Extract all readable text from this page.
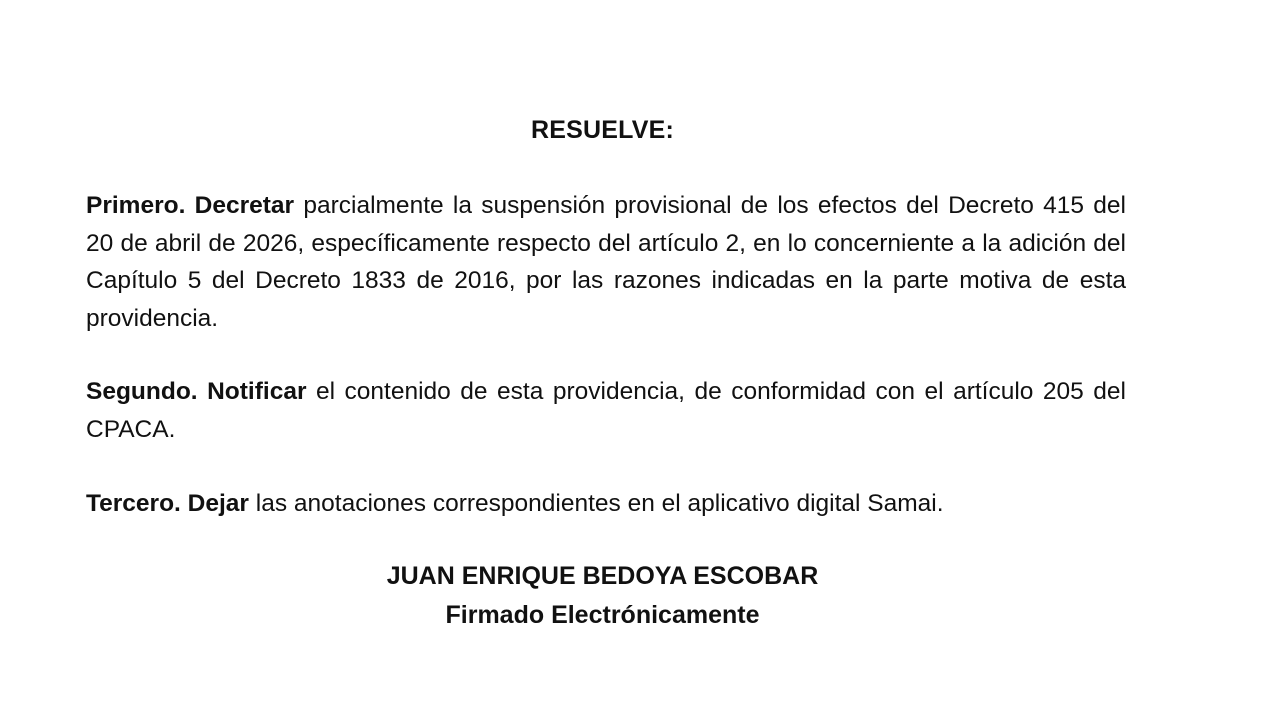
RESUELVE:
Primero. Decretar parcialmente la suspensión provisional de los efectos del Decreto 415 del 20 de abril de 2026, específicamente respecto del artículo 2, en lo concerniente a la adición del Capítulo 5 del Decreto 1833 de 2016, por las razones indicadas en la parte motiva de esta providencia.
Segundo. Notificar el contenido de esta providencia, de conformidad con el artículo 205 del CPACA.
Tercero. Dejar las anotaciones correspondientes en el aplicativo digital Samai.
JUAN ENRIQUE BEDOYA ESCOBAR
Firmado Electrónicamente
